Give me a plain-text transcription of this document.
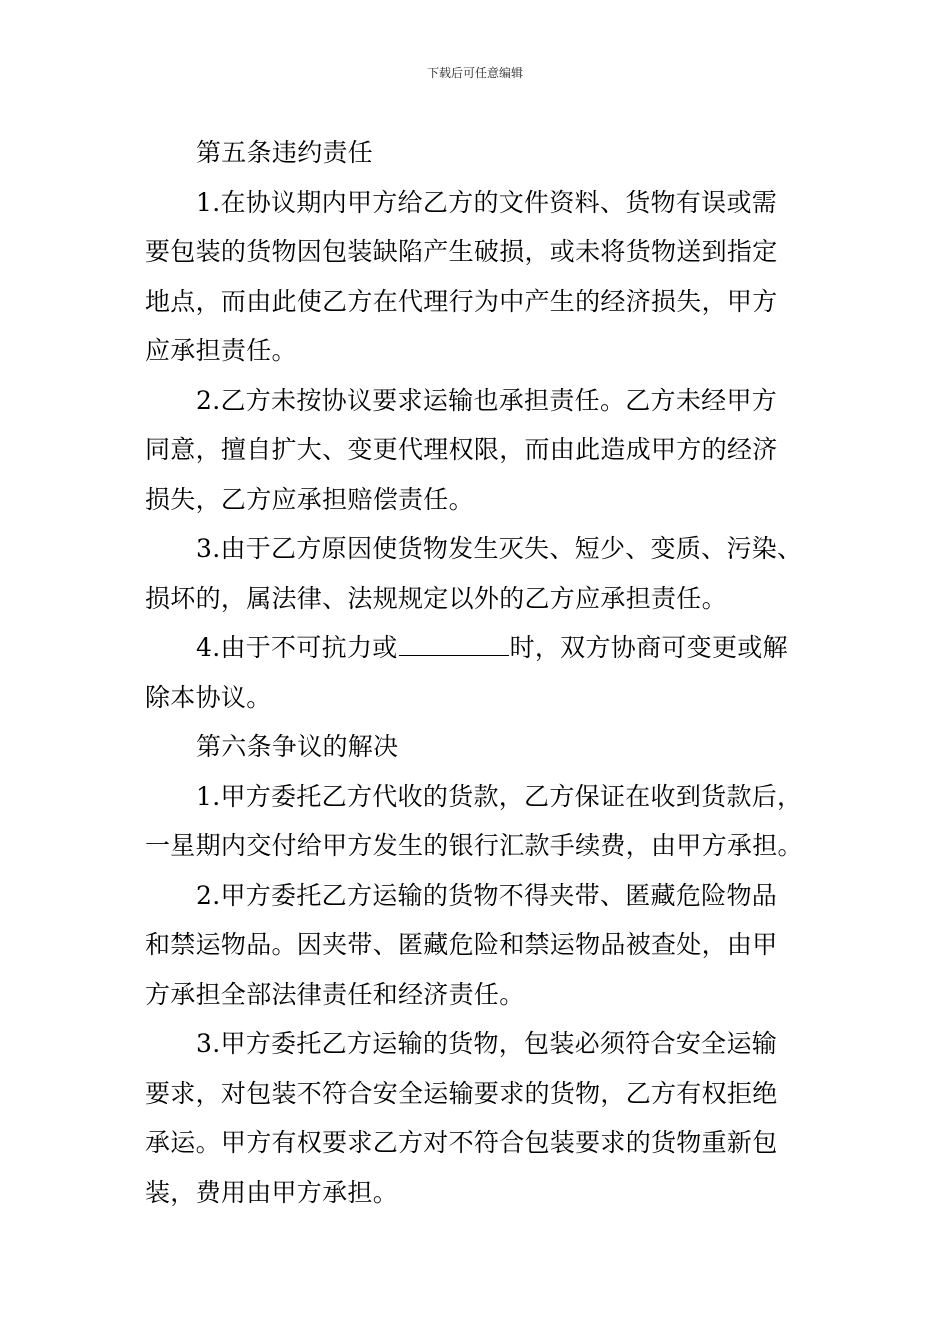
下载后可任意编辑
第五条违约责任
1.在协议期内甲方给乙方的文件资料、货物有误或需
要包装的货物因包装缺陷产生破损，或未将货物送到指定
地点，而由此使乙方在代理行为中产生的经济损失，甲方
应承担责任。
2.乙方未按协议要求运输也承担责任。乙方未经甲方
同意，擅自扩大、变更代理权限，而由此造成甲方的经济
损失，乙方应承担赔偿责任。
3.由于乙方原因使货物发生灭失、短少、变质、污染、
损坏的，属法律、法规规定以外的乙方应承担责任。
4.由于不可抗力或	时，双方协商可变更或解
除本协议。
第六条争议的解决
1.甲方委托乙方代收的货款，乙方保证在收到货款后，
一星期内交付给甲方发生的银行汇款手续费，由甲方承担。
2.甲方委托乙方运输的货物不得夹带、匿藏危险物品
和禁运物品。因夹带、匿藏危险和禁运物品被查处，由甲
方承担全部法律责任和经济责任。
3.甲方委托乙方运输的货物，包装必须符合安全运输
要求，对包装不符合安全运输要求的货物，乙方有权拒绝
承运。甲方有权要求乙方对不符合包装要求的货物重新包
装，费用由甲方承担。
